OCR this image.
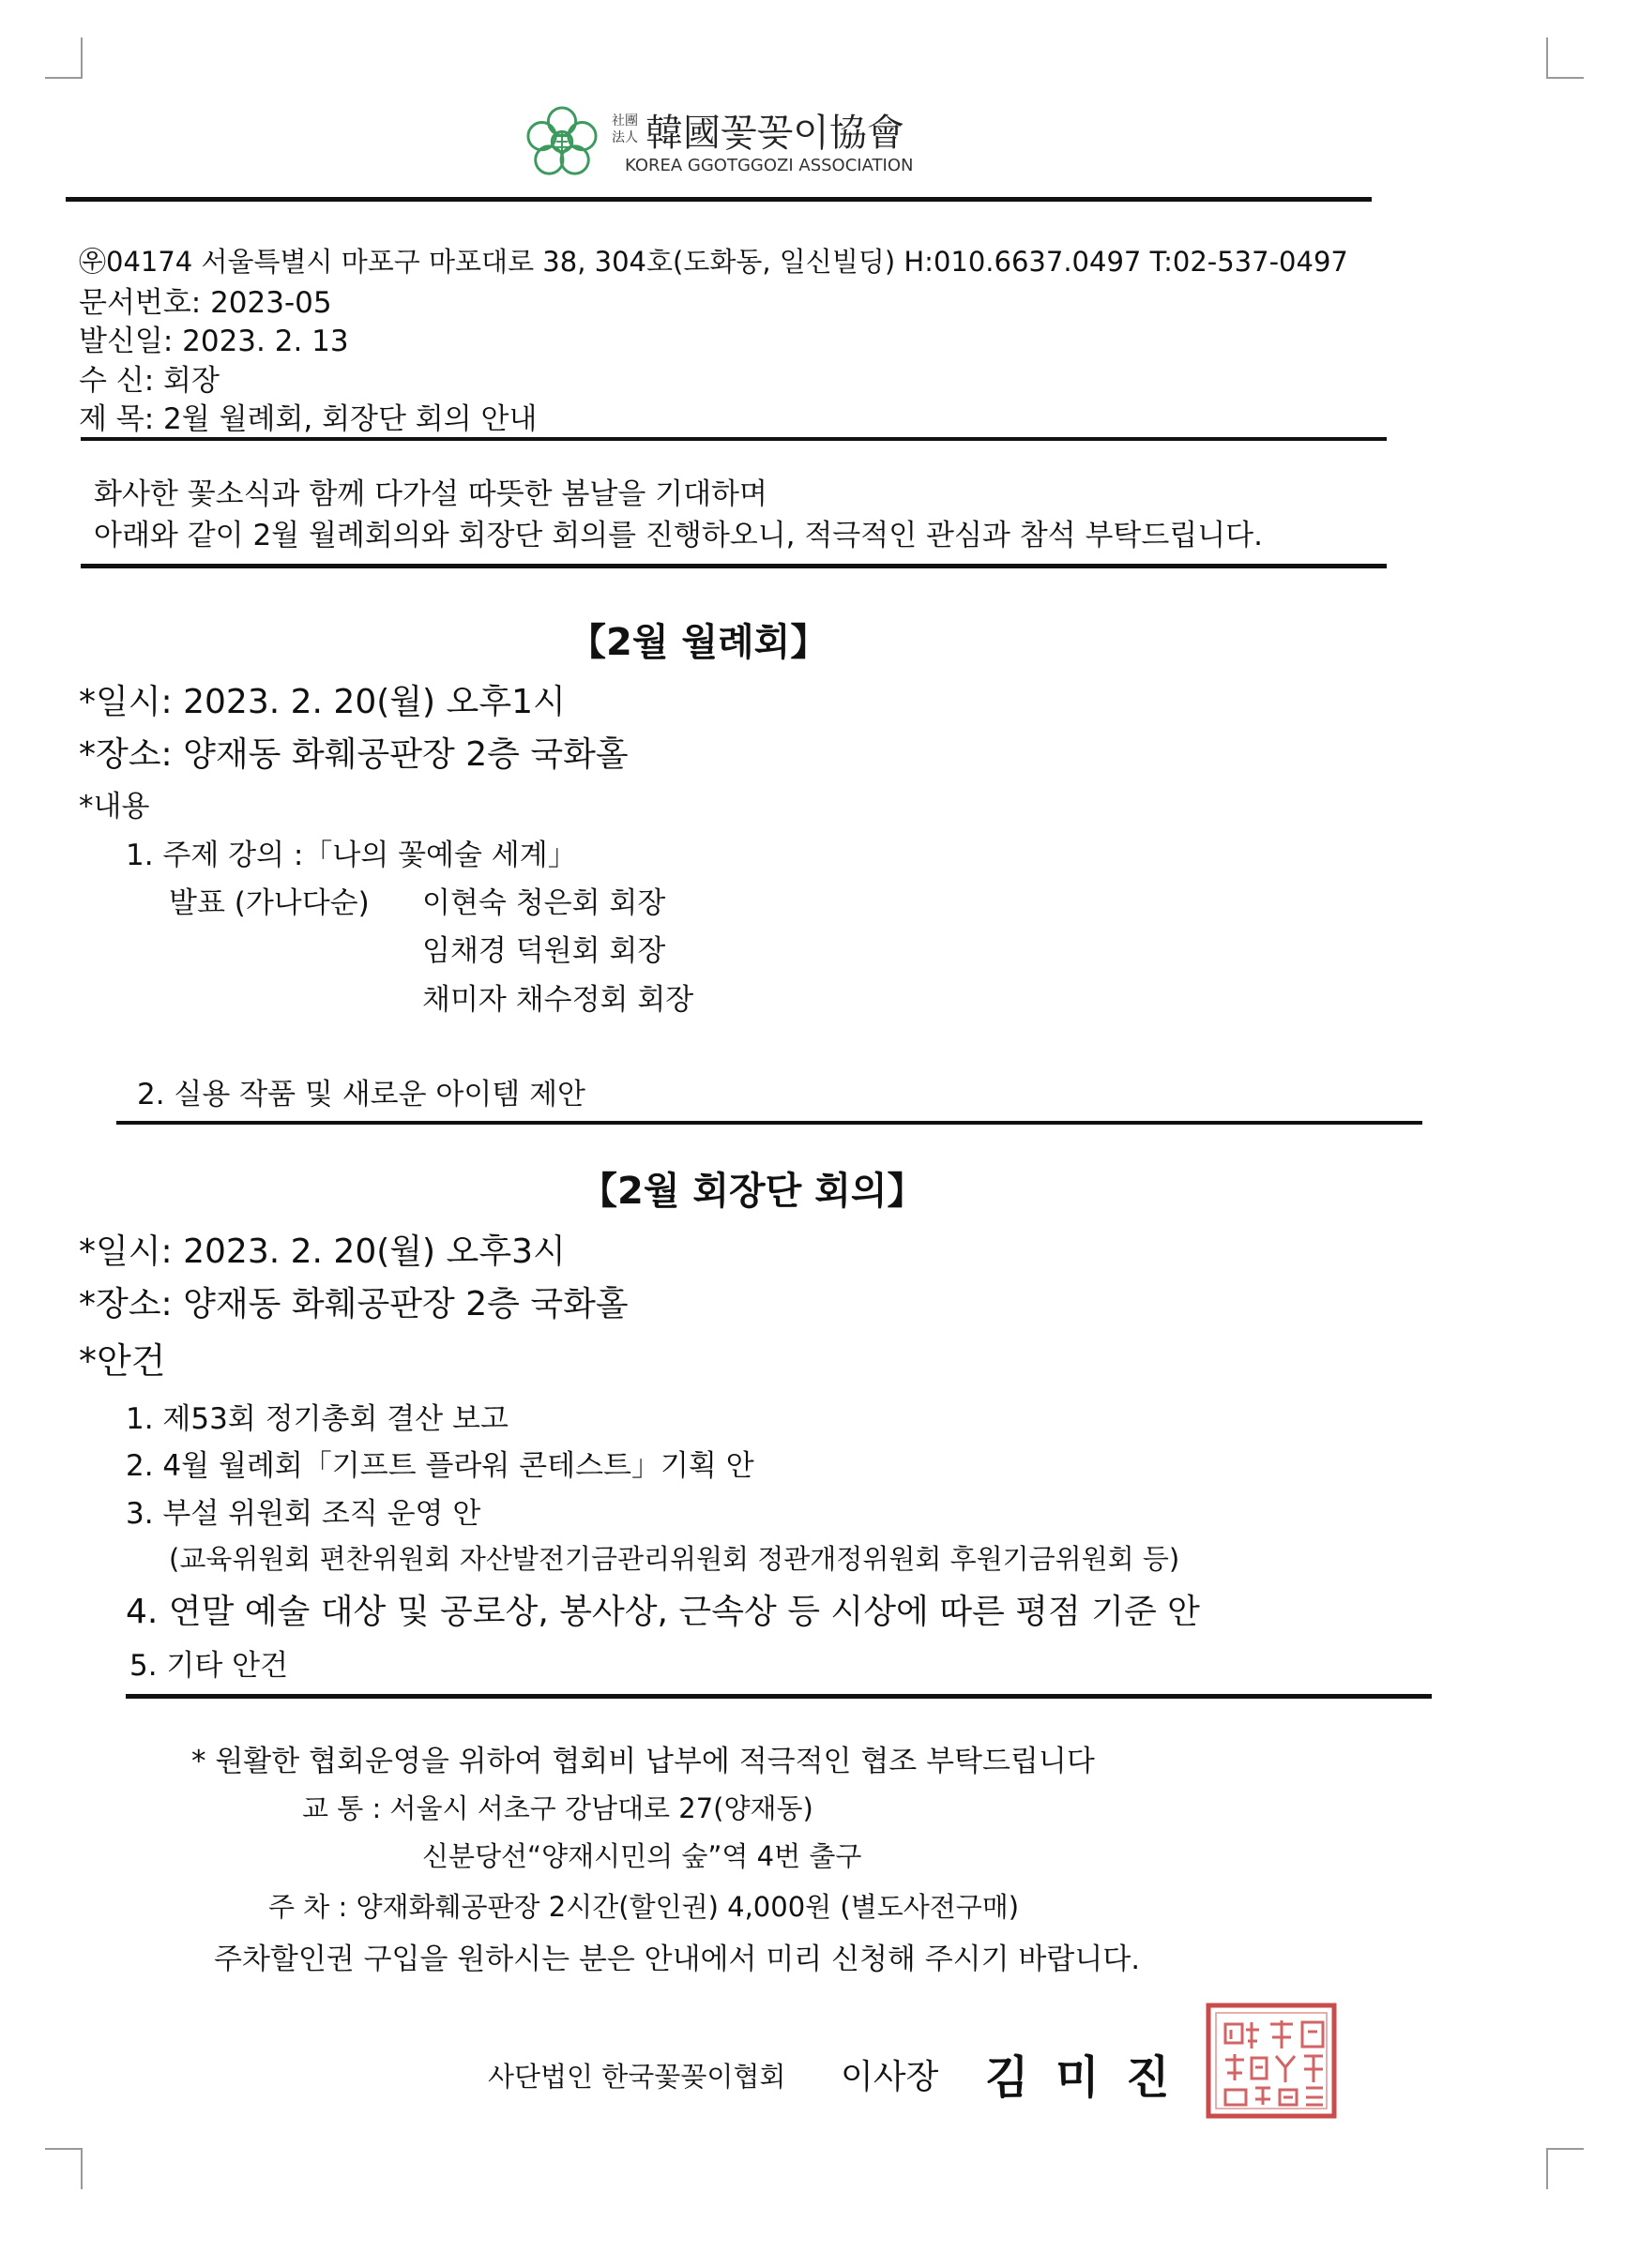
社團
法人 韓國꽃꽂이協會
KOREA GGOTGGOZI ASSOCIATION
㉾04174 서울특별시 마포구 마포대로 38, 304호(도화동, 일신빌딩) H:010.6637.0497 T:02-537-0497
문서번호: 2023-05
발신일: 2023. 2. 13
수 신: 회장
제 목: 2월 월례회, 회장단 회의 안내
화사한 꽃소식과 함께 다가설 따뜻한 봄날을 기대하며
아래와 같이 2월 월례회의와 회장단 회의를 진행하오니, 적극적인 관심과 참석 부탁드립니다.
【2월 월례회】
*일시: 2023. 2. 20(월) 오후1시
*장소: 양재동 화훼공판장 2층 국화홀
*내용
1. 주제 강의 :「나의 꽃예술 세계」
발표 (가나다순) 이현숙 청은회 회장
임채경 덕원회 회장
채미자 채수정회 회장
2. 실용 작품 및 새로운 아이템 제안
【2월 회장단 회의】
*일시: 2023. 2. 20(월) 오후3시
*장소: 양재동 화훼공판장 2층 국화홀
*안건
1. 제53회 정기총회 결산 보고
2. 4월 월례회「기프트 플라워 콘테스트」기획 안
3. 부설 위원회 조직 운영 안
(교육위원회 편찬위원회 자산발전기금관리위원회 정관개정위원회 후원기금위원회 등)
4. 연말 예술 대상 및 공로상, 봉사상, 근속상 등 시상에 따른 평점 기준 안
5. 기타 안건
* 원활한 협회운영을 위하여 협회비 납부에 적극적인 협조 부탁드립니다
교 통 : 서울시 서초구 강남대로 27(양재동)
신분당선“양재시민의 숲”역 4번 출구
주 차 : 양재화훼공판장 2시간(할인권) 4,000원 (별도사전구매)
주차할인권 구입을 원하시는 분은 안내에서 미리 신청해 주시기 바랍니다.
사단법인 한국꽃꽂이협회 이사장 김 미 진
